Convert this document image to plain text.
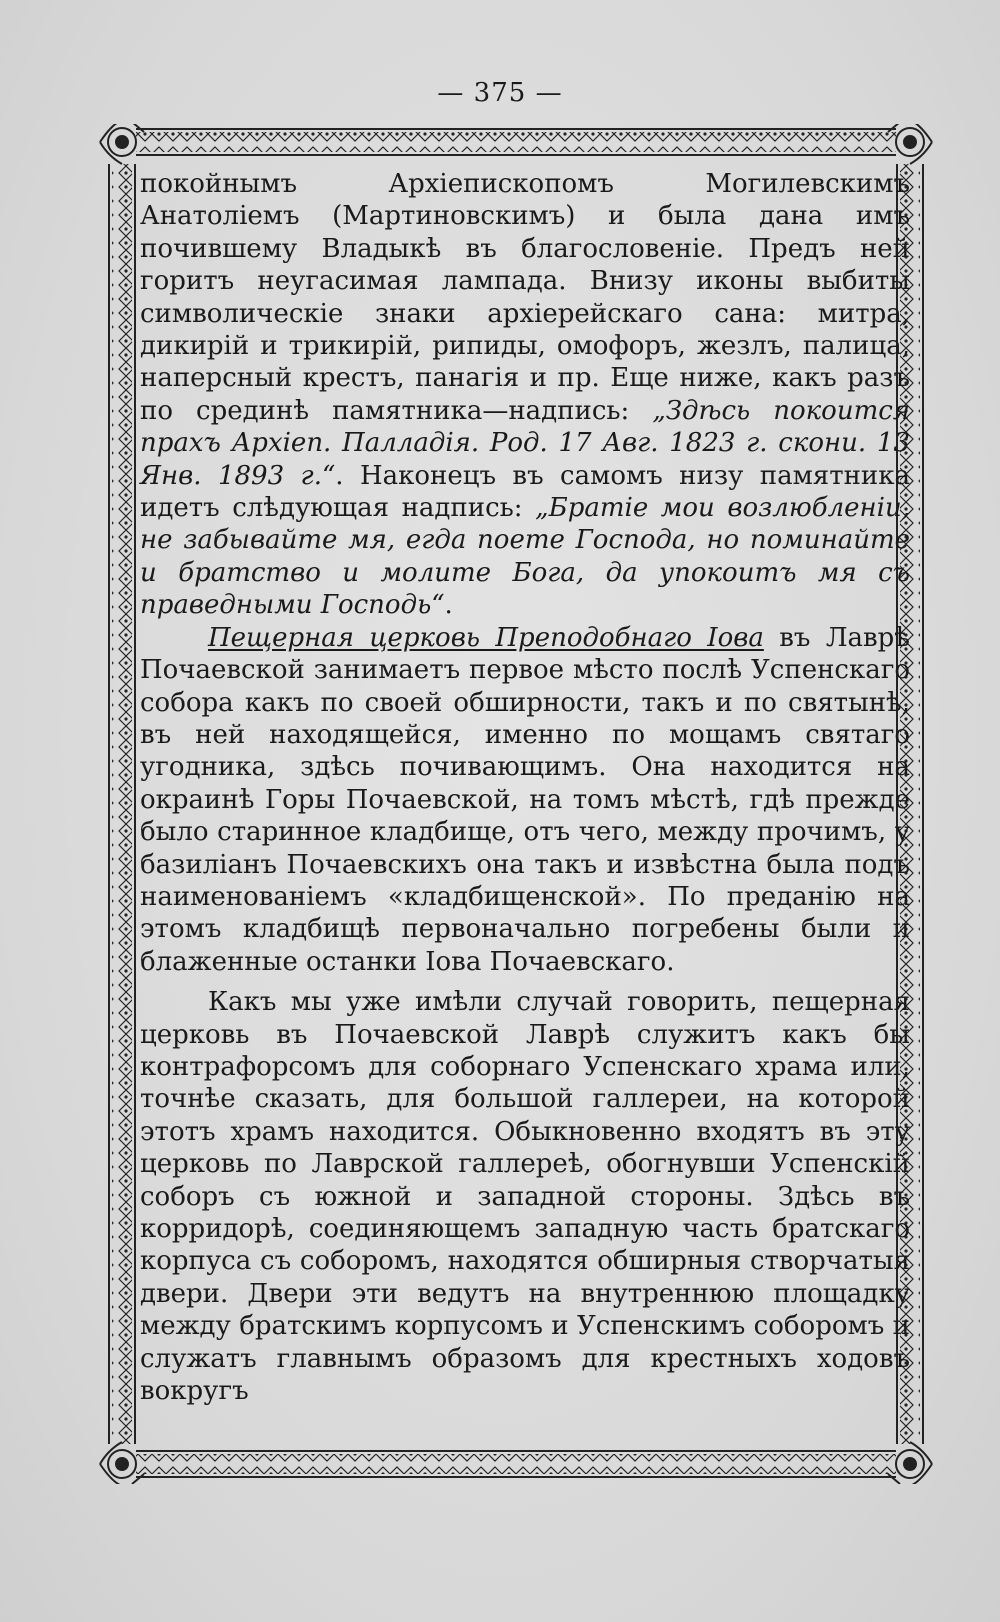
— 375 —

покойнымъ Архіепископомъ Могилевскимъ Анатоліемъ (Мартиновскимъ) и была дана имъ почившему Владыкѣ въ благословеніе. Предъ ней горитъ неугасимая лампада. Внизу иконы выбиты символическіе знаки архіерейскаго сана: митра, дикирій и трикирій, рипиды, омофоръ, жезлъ, палица, наперсный крестъ, панагія и пр. Еще ниже, какъ разъ по срединѣ памятника—надпись: „Здѣсь покоится прахъ Архіеп. Палладія. Род. 17 Авг. 1823 г. скони. 13 Янв. 1893 г.“. Наконецъ въ самомъ низу памятника идетъ слѣдующая надпись: „Братіе мои возлюбленіи, не забывайте мя, егда поете Господа, но поминайте и братство и молите Бога, да упокоитъ мя съ праведными Господь“.

Пещерная церковь Преподобнаго Іова въ Лаврѣ Почаевской занимаетъ первое мѣсто послѣ Успенскаго собора какъ по своей обширности, такъ и по святынѣ, въ ней находящейся, именно по мощамъ святаго угодника, здѣсь почивающимъ. Она находится на окраинѣ Горы Почаевской, на томъ мѣстѣ, гдѣ прежде было старинное кладбище, отъ чего, между прочимъ, у базиліанъ Почаевскихъ она такъ и извѣстна была подъ наименованіемъ «кладбищенской». По преданію на этомъ кладбищѣ первоначально погребены были и блаженные останки Іова Почаевскаго.

Какъ мы уже имѣли случай говорить, пещерная церковь въ Почаевской Лаврѣ служитъ какъ бы контрафорсомъ для соборнаго Успенскаго храма или, точнѣе сказать, для большой галлереи, на которой этотъ храмъ находится. Обыкновенно входятъ въ эту церковь по Лаврской галлереѣ, обогнувши Успенскій соборъ съ южной и западной стороны. Здѣсь въ корридорѣ, соединяющемъ западную часть братскаго корпуса съ соборомъ, находятся обширныя створчатыя двери. Двери эти ведутъ на внутреннюю площадку между братскимъ корпусомъ и Успенскимъ соборомъ и служатъ главнымъ образомъ для крестныхъ ходовъ вокругъ
